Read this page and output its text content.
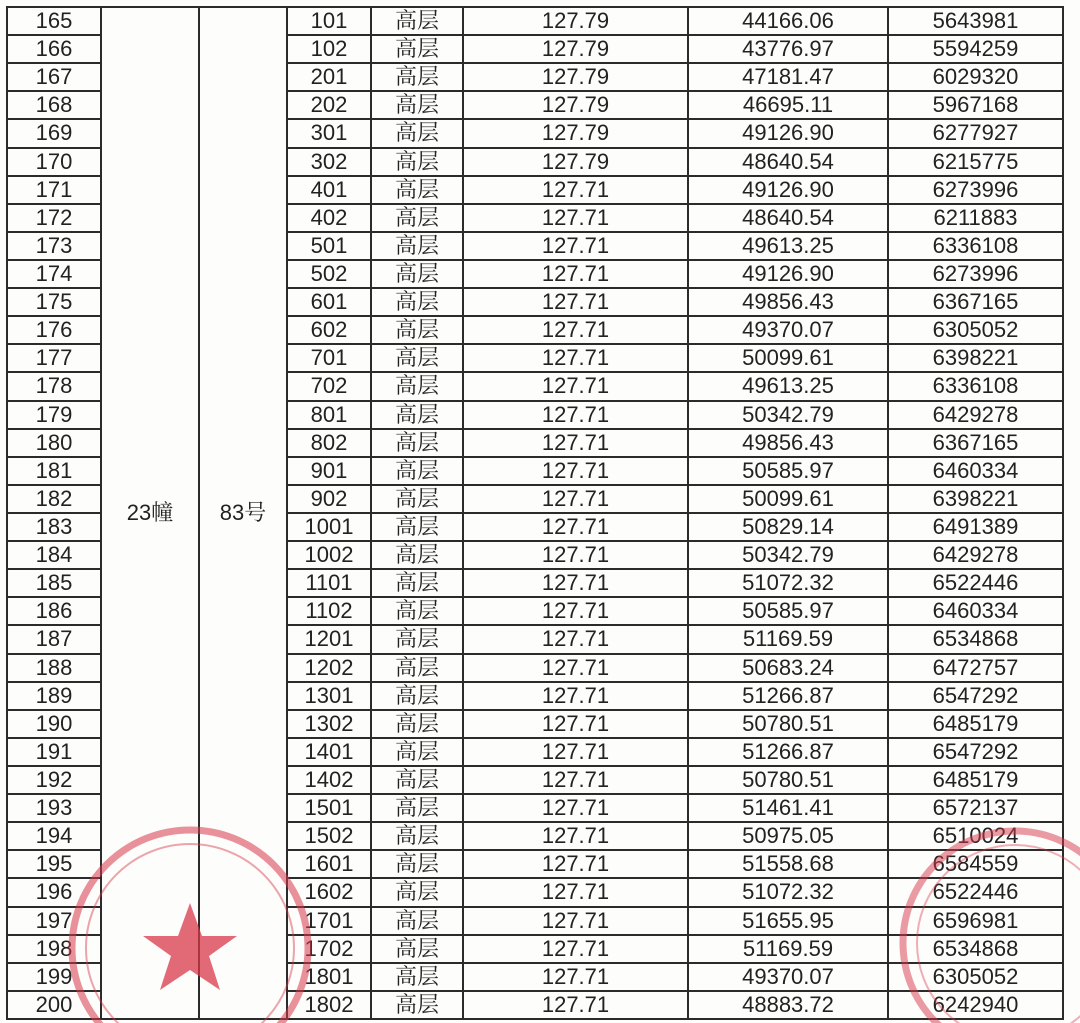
165	23幢	83号	101	高层	127.79	44166.06	5643981
166			102	高层	127.79	43776.97	5594259
167			201	高层	127.79	47181.47	6029320
168			202	高层	127.79	46695.11	5967168
169			301	高层	127.79	49126.90	6277927
170			302	高层	127.79	48640.54	6215775
171			401	高层	127.71	49126.90	6273996
172			402	高层	127.71	48640.54	6211883
173			501	高层	127.71	49613.25	6336108
174			502	高层	127.71	49126.90	6273996
175			601	高层	127.71	49856.43	6367165
176			602	高层	127.71	49370.07	6305052
177			701	高层	127.71	50099.61	6398221
178			702	高层	127.71	49613.25	6336108
179			801	高层	127.71	50342.79	6429278
180			802	高层	127.71	49856.43	6367165
181			901	高层	127.71	50585.97	6460334
182			902	高层	127.71	50099.61	6398221
183			1001	高层	127.71	50829.14	6491389
184			1002	高层	127.71	50342.79	6429278
185			1101	高层	127.71	51072.32	6522446
186			1102	高层	127.71	50585.97	6460334
187			1201	高层	127.71	51169.59	6534868
188			1202	高层	127.71	50683.24	6472757
189			1301	高层	127.71	51266.87	6547292
190			1302	高层	127.71	50780.51	6485179
191			1401	高层	127.71	51266.87	6547292
192			1402	高层	127.71	50780.51	6485179
193			1501	高层	127.71	51461.41	6572137
194			1502	高层	127.71	50975.05	6510024
195			1601	高层	127.71	51558.68	6584559
196			1602	高层	127.71	51072.32	6522446
197			1701	高层	127.71	51655.95	6596981
198			1702	高层	127.71	51169.59	6534868
199			1801	高层	127.71	49370.07	6305052
200			1802	高层	127.71	48883.72	6242940
